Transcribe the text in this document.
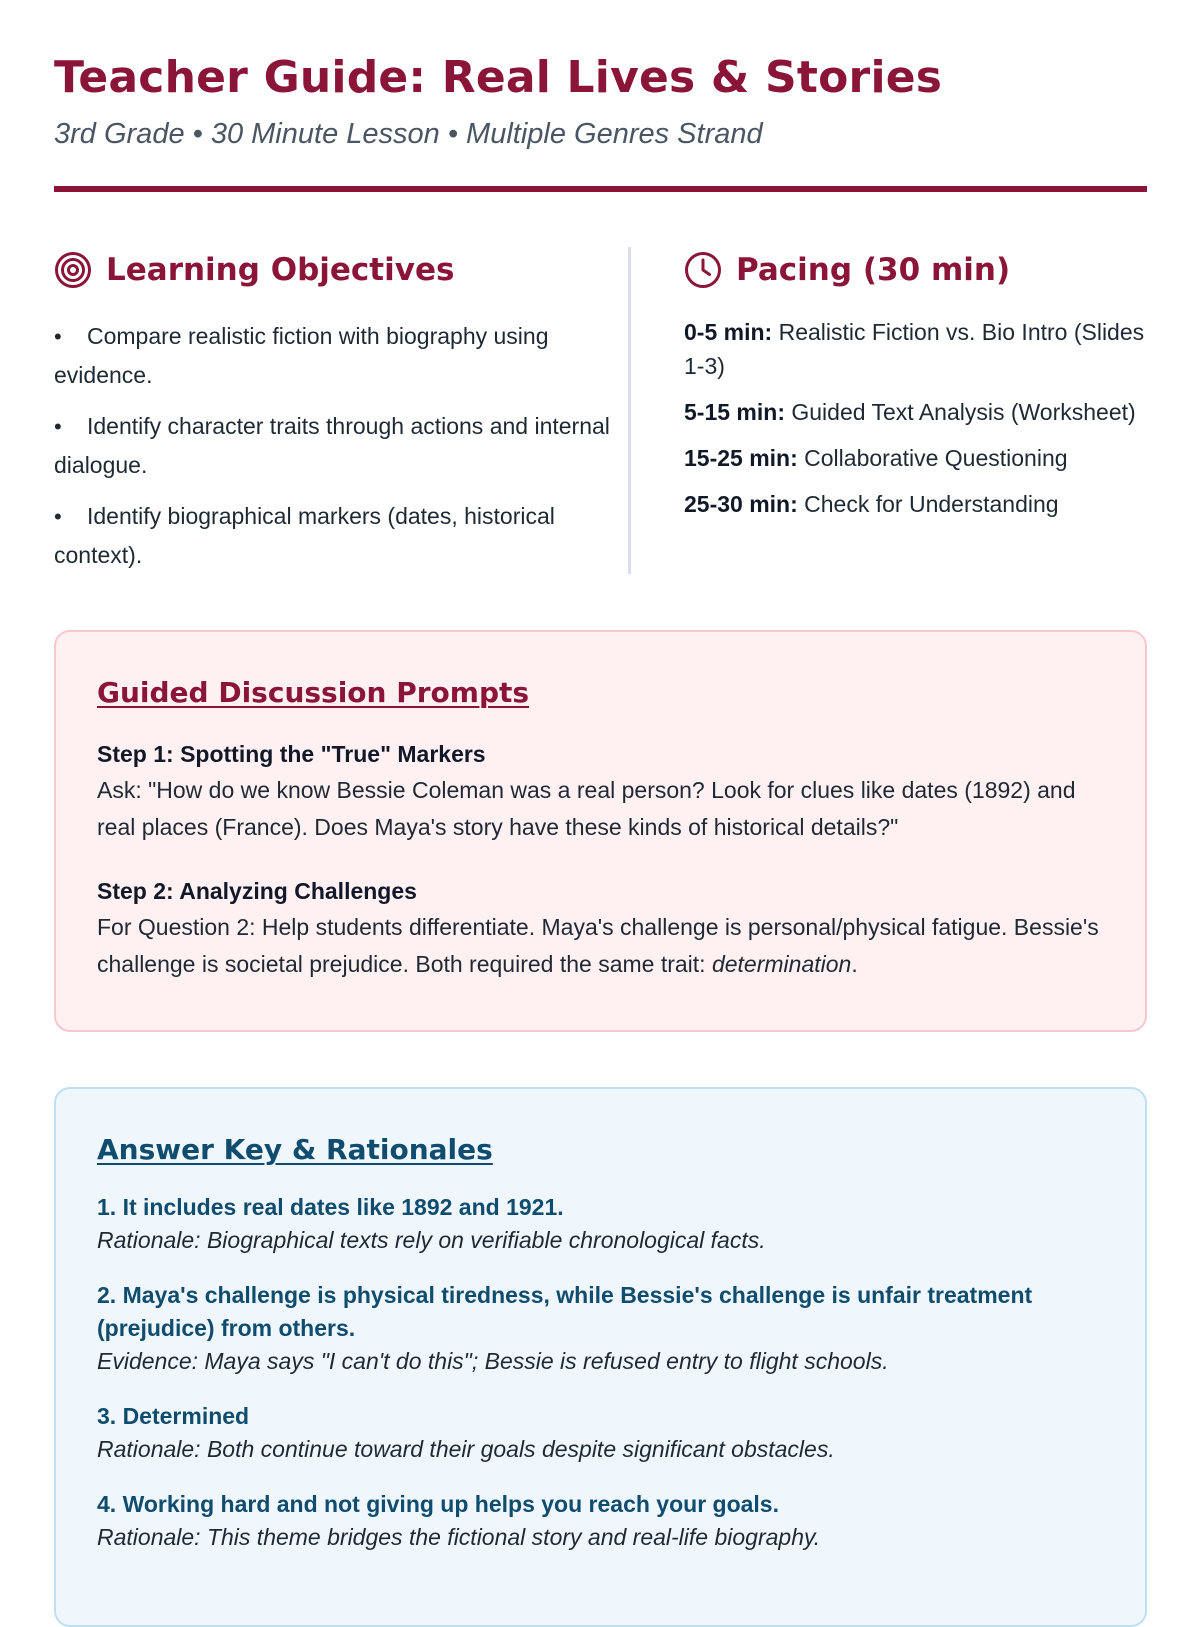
Teacher Guide: Real Lives & Stories
3rd Grade • 30 Minute Lesson • Multiple Genres Strand
Learning Objectives
• Compare realistic fiction with biography using evidence.
• Identify character traits through actions and internal dialogue.
• Identify biographical markers (dates, historical context).
Pacing (30 min)
0-5 min: Realistic Fiction vs. Bio Intro (Slides 1-3)
5-15 min: Guided Text Analysis (Worksheet)
15-25 min: Collaborative Questioning
25-30 min: Check for Understanding
Guided Discussion Prompts
Step 1: Spotting the "True" Markers
Ask: "How do we know Bessie Coleman was a real person? Look for clues like dates (1892) and real places (France). Does Maya's story have these kinds of historical details?"
Step 2: Analyzing Challenges
For Question 2: Help students differentiate. Maya's challenge is personal/physical fatigue. Bessie's challenge is societal prejudice. Both required the same trait: determination.
Answer Key & Rationales
1. It includes real dates like 1892 and 1921.
Rationale: Biographical texts rely on verifiable chronological facts.
2. Maya's challenge is physical tiredness, while Bessie's challenge is unfair treatment (prejudice) from others.
Evidence: Maya says "I can't do this"; Bessie is refused entry to flight schools.
3. Determined
Rationale: Both continue toward their goals despite significant obstacles.
4. Working hard and not giving up helps you reach your goals.
Rationale: This theme bridges the fictional story and real-life biography.
